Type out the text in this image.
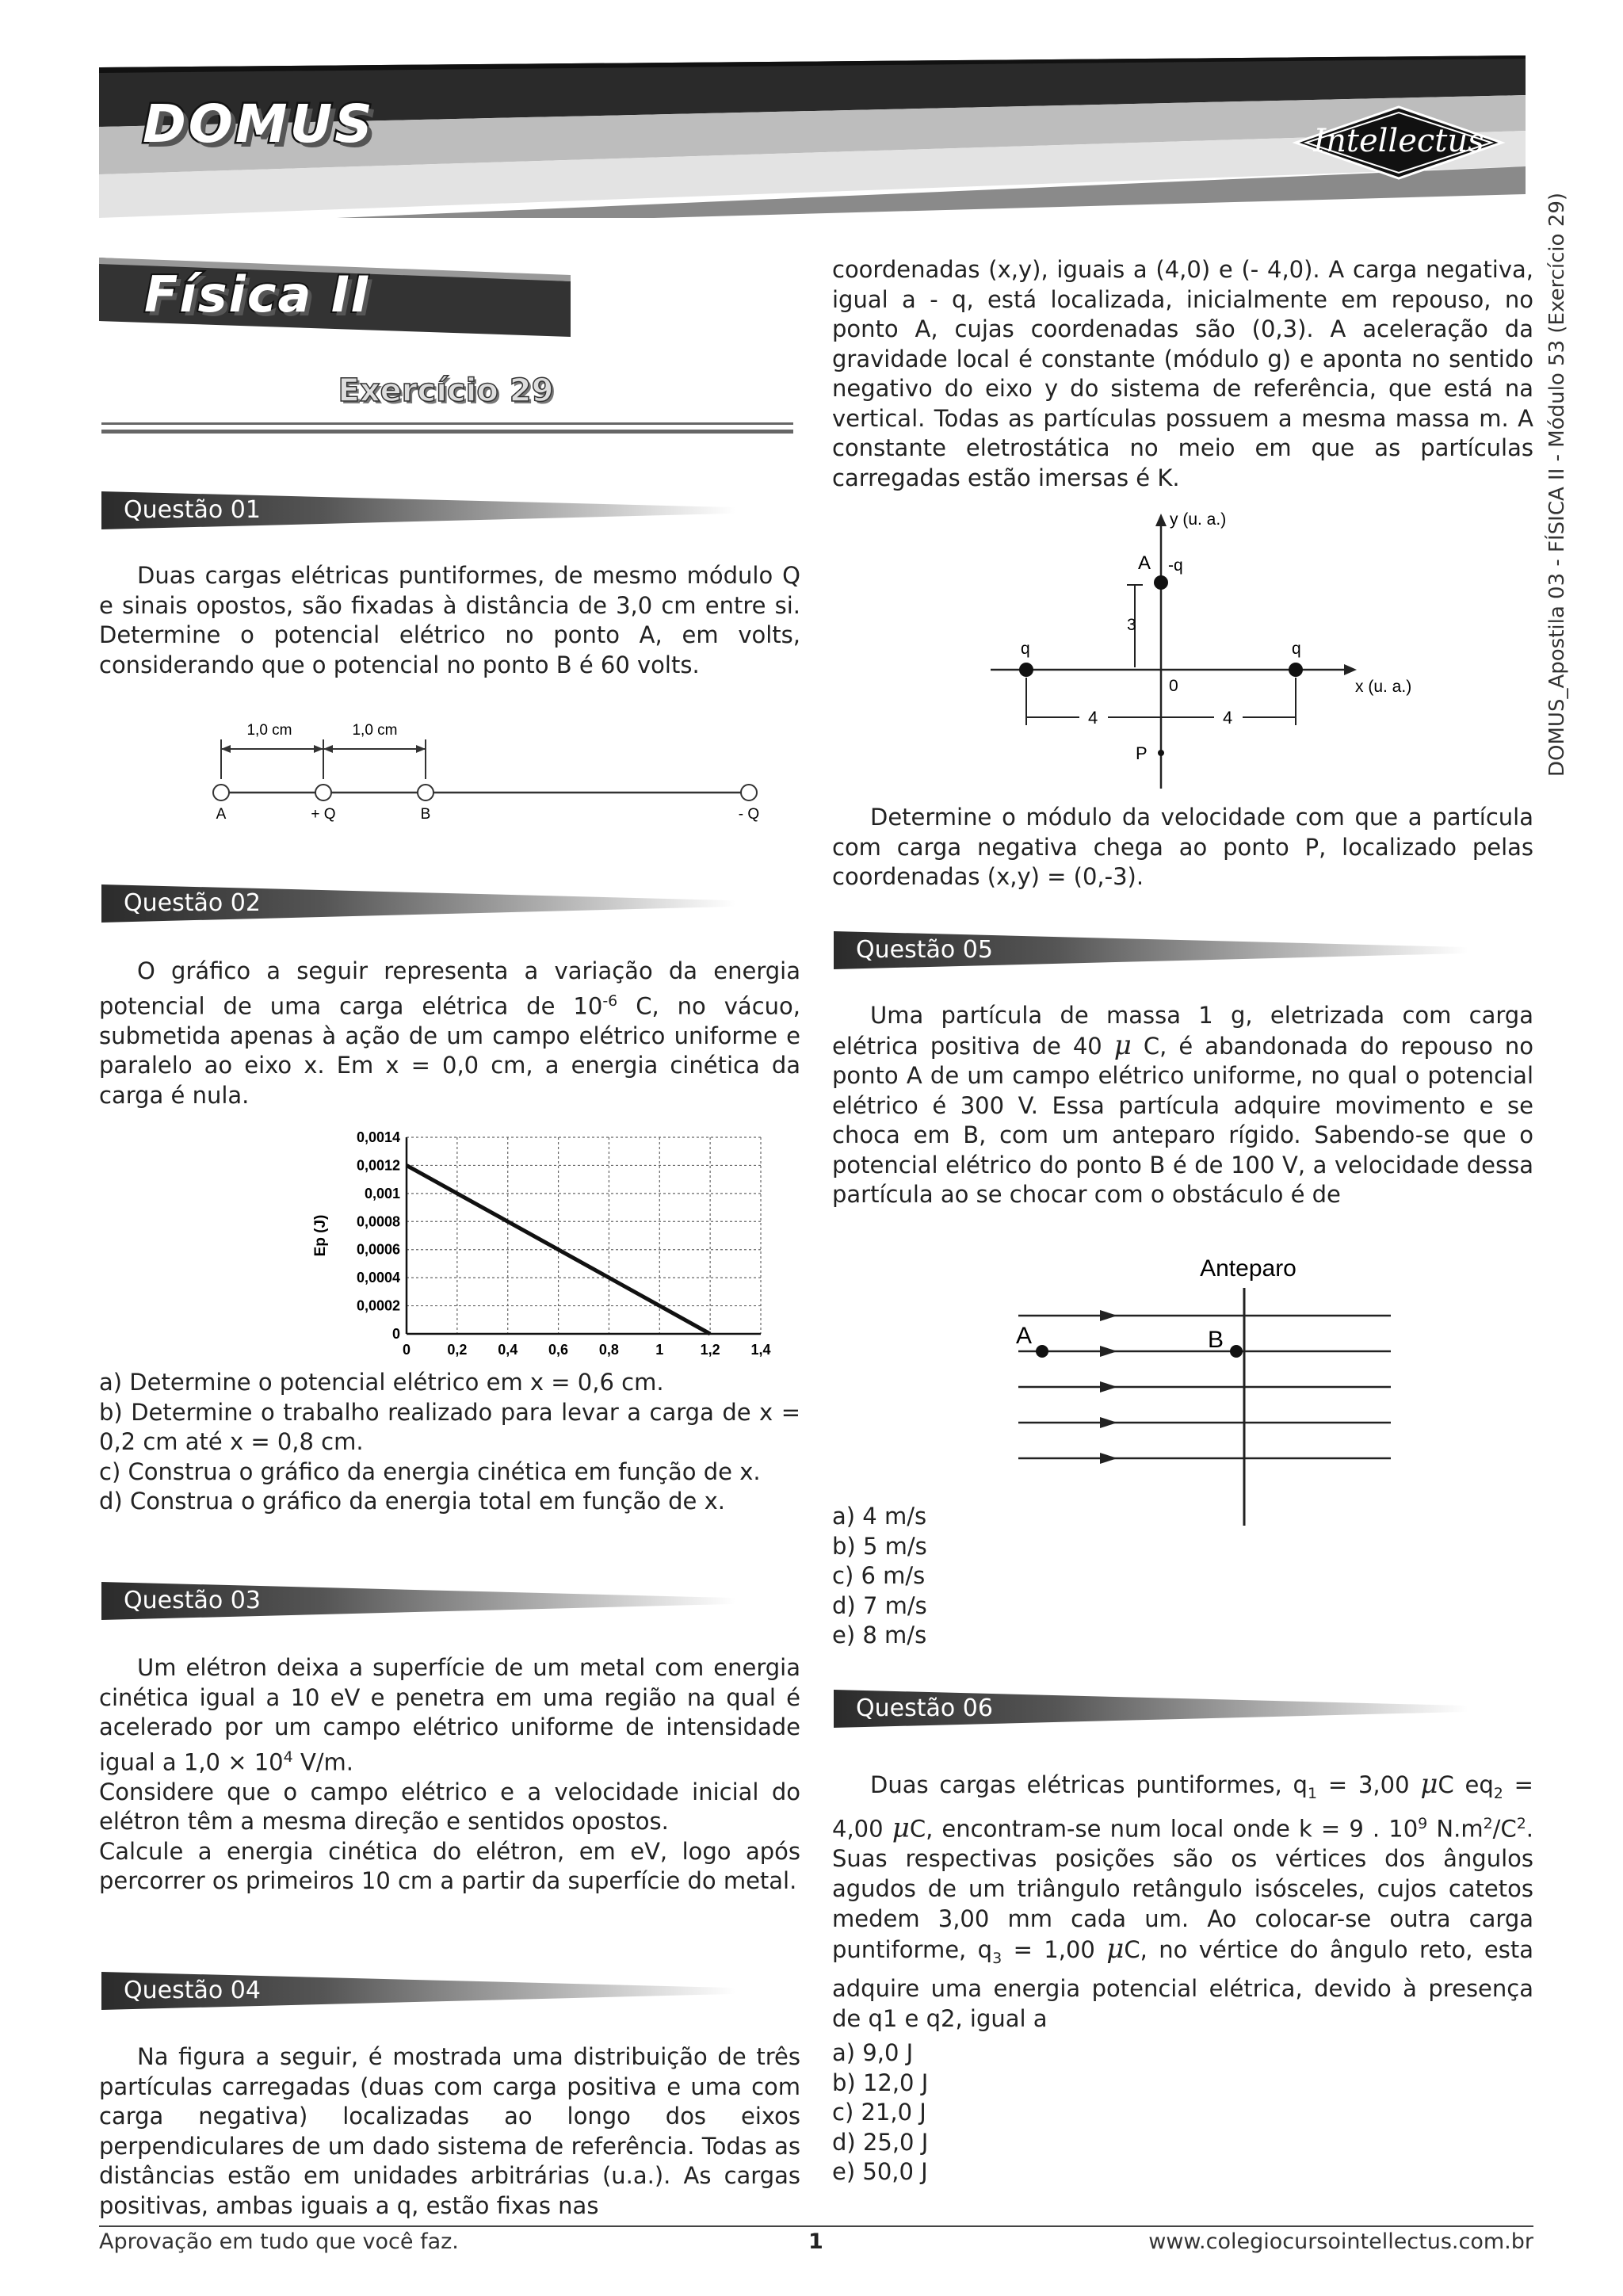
DOMUS	Intellectus
Física II
Exercício 29	DOMUS_Apostila 03 - FÍSICA II - Módulo 53 (Exercício 29)
Questão 01
Duas cargas elétricas puntiformes, de mesmo módulo Q e sinais opostos, são fixadas à distância de 3,0 cm entre si. Determine o potencial elétrico no ponto A, em volts, considerando que o potencial no ponto B é 60 volts.
1,0 cm	1,0 cm
A	+ Q	B	- Q
Questão 02
O gráfico a seguir representa a variação da energia potencial de uma carga elétrica de $10^{-6}$ C, no vácuo, submetida apenas à ação de um campo elétrico uniforme e paralelo ao eixo x. Em x = 0,0 cm, a energia cinética da carga é nula.
0	0,2 0,4 0,6 0,8	1	1,2 1,4
0
0,0002
0,0004
0,0006
0,0008
0,001
0,0012
0,0014
Ep (J)
a) Determine o potencial elétrico em x = 0,6 cm.
b) Determine o trabalho realizado para levar a carga de x = 0,2 cm até x = 0,8 cm.
c) Construa o gráfico da energia cinética em função de x.
d) Construa o gráfico da energia total em função de x.
Questão 03

Um elétron deixa a superfície de um metal com energia cinética igual a 10 eV e penetra em uma região na qual é acelerado por um campo elétrico uniforme de intensidade igual a $1,0 \times 10^4$ V/m.

Considere que o campo elétrico e a velocidade inicial do elétron têm a mesma direção e sentidos opostos.

Calcule a energia cinética do elétron, em eV, logo após percorrer os primeiros 10 cm a partir da superfície do metal.

Questão 04
Na figura a seguir, é mostrada uma distribuição de três partículas carregadas (duas com carga positiva e uma com carga negativa) localizadas ao longo dos eixos perpendiculares de um dado sistema de referência. Todas as distâncias estão em unidades arbitrárias (u.a.). As cargas positivas, ambas iguais a q, estão fixas nas
coordenadas (x,y), iguais a (4,0) e (- 4,0). A carga negativa, igual a - q, está localizada, inicialmente em repouso, no ponto A, cujas coordenadas são (0,3). A aceleração da gravidade local é constante (módulo g) e aponta no sentido negativo do eixo y do sistema de referência, que está na vertical. Todas as partículas possuem a mesma massa m. A constante eletrostática no meio em que as partículas carregadas estão imersas é K.
y (u. a.)
x (u. a.)
A -q
3
q	q
0
4	4
P
Determine o módulo da velocidade com que a partícula com carga negativa chega ao ponto P, localizado pelas coordenadas (x,y) = (0,-3).
Questão 05
Uma partícula de massa 1 g, eletrizada com carga elétrica positiva de 40 μ C, é abandonada do repouso no ponto A de um campo elétrico uniforme, no qual o potencial elétrico é 300 V. Essa partícula adquire movimento e se choca em B, com um anteparo rígido. Sabendo-se que o potencial elétrico do ponto B é de 100 V, a velocidade dessa partícula ao se chocar com o obstáculo é de
Anteparo
A	B
a) 4 m/s
b) 5 m/s
c) 6 m/s
d) 7 m/s
e) 8 m/s
Questão 06

Duas cargas elétricas puntiformes, $q_1 = 3,00$ μC $eq_2 = 4,00$ μC, encontram-se num local onde k = 9 . $10^9$ $N.m^2/C^2$. Suas respectivas posições são os vértices dos ângulos agudos de um triângulo retângulo isósceles, cujos catetos medem 3,00 mm cada um. Ao colocar-se outra carga puntiforme, $q_3 = 1,00$ μC, no vértice do ângulo reto, esta adquire uma energia potencial elétrica, devido à presença de q1 e q2, igual a

a) 9,0 J
b) 12,0 J
c) 21,0 J
d) 25,0 J
e) 50,0 J
Aprovação em tudo que você faz.	1	www.colegiocursointellectus.com.br
